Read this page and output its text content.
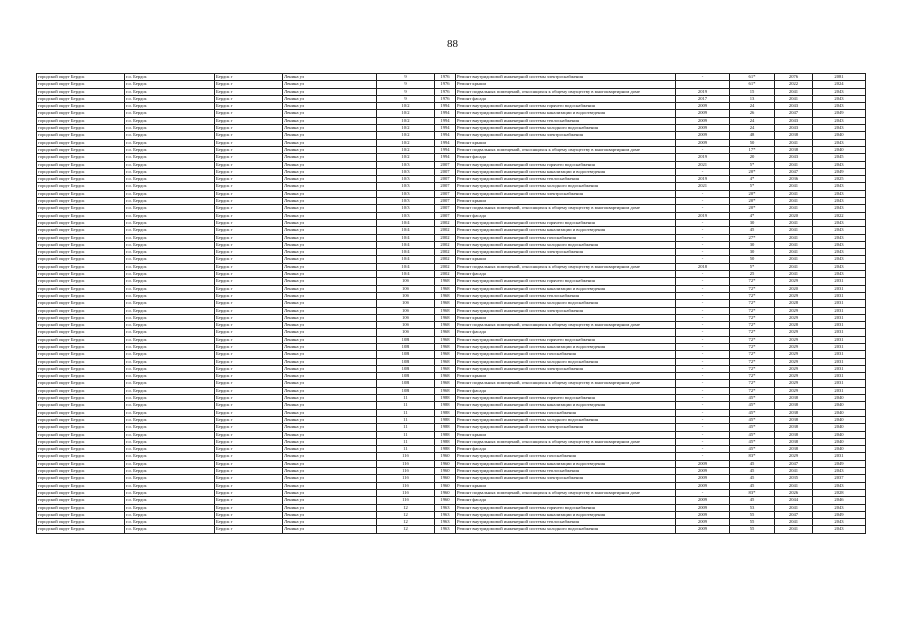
88
городской округ Бердск	г.о. Бердск	Бердск г	Ленина ул	9	1976	Ремонт внутридомовой инженерной системы электроснабжения	-	61*	2076	2081
городской округ Бердск	г.о. Бердск	Бердск г	Ленина ул	9	1976	Ремонт крыши		61*	2022	2024
городской округ Бердск	г.о. Бердск	Бердск г	Ленина ул	9	1976	Ремонт подвальных помещений, относящихся к общему имуществу в многоквартирном доме	2019	15	2041	2043
городской округ Бердск	г.о. Бердск	Бердск г	Ленина ул	9	1976	Ремонт фасада	2017	13	2041	2043
городской округ Бердск	г.о. Бердск	Бердск г	Ленина ул	10/2	1994	Ремонт внутридомовой инженерной системы горячего водоснабжения	2009	24	2043	2043
городской округ Бердск	г.о. Бердск	Бердск г	Ленина ул	10/2	1994	Ремонт внутридомовой инженерной системы канализации и водоотведения	2009	26	2047	2049
городской округ Бердск	г.о. Бердск	Бердск г	Ленина ул	10/2	1994	Ремонт внутридомовой инженерной системы теплоснабжения	2009	24	2043	2043
городской округ Бердск	г.о. Бердск	Бердск г	Ленина ул	10/2	1994	Ремонт внутридомовой инженерной системы холодного водоснабжения	2009	24	2043	2043
городской округ Бердск	г.о. Бердск	Бердск г	Ленина ул	10/2	1994	Ремонт внутридомовой инженерной системы электроснабжения	2009	48	2038	2040
городской округ Бердск	г.о. Бердск	Бердск г	Ленина ул	10/2	1994	Ремонт крыши	2009	50	2041	2043
городской округ Бердск	г.о. Бердск	Бердск г	Ленина ул	10/2	1994	Ремонт подвальных помещений, относящихся к общему имуществу в многоквартирном доме	-	17*	2038	2040
городской округ Бердск	г.о. Бердск	Бердск г	Ленина ул	10/2	1994	Ремонт фасада	2019	20	2043	2045
городской округ Бердск	г.о. Бердск	Бердск г	Ленина ул	10/3	2007	Ремонт внутридомовой инженерной системы горячего водоснабжения	2021	5*	2041	2043
городской округ Бердск	г.о. Бердск	Бердск г	Ленина ул	10/3	2007	Ремонт внутридомовой инженерной системы канализации и водоотведения	-	20*	2047	2049
городской округ Бердск	г.о. Бердск	Бердск г	Ленина ул	10/3	2007	Ремонт внутридомовой инженерной системы теплоснабжения	2019	4*	2036	2025
городской округ Бердск	г.о. Бердск	Бердск г	Ленина ул	10/3	2007	Ремонт внутридомовой инженерной системы холодного водоснабжения	2021	5*	2041	2043
городской округ Бердск	г.о. Бердск	Бердск г	Ленина ул	10/3	2007	Ремонт внутридомовой инженерной системы электроснабжения	-	20*	2041	2043
городской округ Бердск	г.о. Бердск	Бердск г	Ленина ул	10/3	2007	Ремонт крыши	-	20*	2041	2043
городской округ Бердск	г.о. Бердск	Бердск г	Ленина ул	10/3	2007	Ремонт подвальных помещений, относящихся к общему имуществу в многоквартирном доме	-	20*	2041	2043
городской округ Бердск	г.о. Бердск	Бердск г	Ленина ул	10/3	2007	Ремонт фасада	2019	4*	2020	2022
городской округ Бердск	г.о. Бердск	Бердск г	Ленина ул	10/4	2002	Ремонт внутридомовой инженерной системы горячего водоснабжения	-	30	2041	2043
городской округ Бердск	г.о. Бердск	Бердск г	Ленина ул	10/4	2002	Ремонт внутридомовой инженерной системы канализации и водоотведения	-	45	2041	2043
городской округ Бердск	г.о. Бердск	Бердск г	Ленина ул	10/4	2002	Ремонт внутридомовой инженерной системы газоснабжения	-	27*	2041	2043
городской округ Бердск	г.о. Бердск	Бердск г	Ленина ул	10/4	2002	Ремонт внутридомовой инженерной системы холодного водоснабжения	-	30	2041	2043
городской округ Бердск	г.о. Бердск	Бердск г	Ленина ул	10/4	2002	Ремонт внутридомовой инженерной системы электроснабжения	-	30	2041	2043
городской округ Бердск	г.о. Бердск	Бердск г	Ленина ул	10/4	2002	Ремонт крыши	-	50	2041	2043
городской округ Бердск	г.о. Бердск	Бердск г	Ленина ул	10/4	2002	Ремонт подвальных помещений, относящихся к общему имуществу в многоквартирном доме	2018	5*	2041	2043
городской округ Бердск	г.о. Бердск	Бердск г	Ленина ул	10/4	2002	Ремонт фасада	-	25	2041	2043
городской округ Бердск	г.о. Бердск	Бердск г	Ленина ул	10б	1968	Ремонт внутридомовой инженерной системы горячего водоснабжения	-	72*	2029	2031
городской округ Бердск	г.о. Бердск	Бердск г	Ленина ул	10б	1968	Ремонт внутридомовой инженерной системы канализации и водоотведения	-	72*	2020	2031
городской округ Бердск	г.о. Бердск	Бердск г	Ленина ул	10б	1968	Ремонт внутридомовой инженерной системы теплоснабжения	-	72*	2029	2031
городской округ Бердск	г.о. Бердск	Бердск г	Ленина ул	10б	1968	Ремонт внутридомовой инженерной системы холодного водоснабжения	-	72*	2028	2031
городской округ Бердск	г.о. Бердск	Бердск г	Ленина ул	10б	1968	Ремонт внутридомовой инженерной системы электроснабжения	-	72*	2029	2031
городской округ Бердск	г.о. Бердск	Бердск г	Ленина ул	10б	1968	Ремонт крыши	-	72*	2029	2031
городской округ Бердск	г.о. Бердск	Бердск г	Ленина ул	10б	1968	Ремонт подвальных помещений, относящихся к общему имуществу в многоквартирном доме	-	72*	2028	2031
городской округ Бердск	г.о. Бердск	Бердск г	Ленина ул	10б	1968	Ремонт фасада	-	72*	2029	2031
городской округ Бердск	г.о. Бердск	Бердск г	Ленина ул	10В	1968	Ремонт внутридомовой инженерной системы горячего водоснабжения	-	72*	2029	2031
городской округ Бердск	г.о. Бердск	Бердск г	Ленина ул	10В	1968	Ремонт внутридомовой инженерной системы канализации и водоотведения	-	72*	2029	2031
городской округ Бердск	г.о. Бердск	Бердск г	Ленина ул	10В	1968	Ремонт внутридомовой инженерной системы газоснабжения	-	72*	2029	2031
городской округ Бердск	г.о. Бердск	Бердск г	Ленина ул	10В	1968	Ремонт внутридомовой инженерной системы холодного водоснабжения	-	72*	2029	2031
городской округ Бердск	г.о. Бердск	Бердск г	Ленина ул	10В	1968	Ремонт внутридомовой инженерной системы электроснабжения	-	72*	2029	2031
городской округ Бердск	г.о. Бердск	Бердск г	Ленина ул	10В	1968	Ремонт крыши	-	72*	2029	2031
городской округ Бердск	г.о. Бердск	Бердск г	Ленина ул	10В	1968	Ремонт подвальных помещений, относящихся к общему имуществу в многоквартирном доме	-	72*	2029	2031
городской округ Бердск	г.о. Бердск	Бердск г	Ленина ул	10В	1968	Ремонт фасада	-	72*	2029	2031
городской округ Бердск	г.о. Бердск	Бердск г	Ленина ул	11	1988	Ремонт внутридомовой инженерной системы горячего водоснабжения	-	45*	2038	2040
городской округ Бердск	г.о. Бердск	Бердск г	Ленина ул	11	1988	Ремонт внутридомовой инженерной системы канализации и водоотведения	-	45*	2038	2040
городской округ Бердск	г.о. Бердск	Бердск г	Ленина ул	11	1988	Ремонт внутридомовой инженерной системы газоснабжения	-	45*	2038	2040
городской округ Бердск	г.о. Бердск	Бердск г	Ленина ул	11	1988	Ремонт внутридомовой инженерной системы холодного водоснабжения	-	45*	2038	2040
городской округ Бердск	г.о. Бердск	Бердск г	Ленина ул	11	1988	Ремонт внутридомовой инженерной системы электроснабжения	-	45*	2038	2040
городской округ Бердск	г.о. Бердск	Бердск г	Ленина ул	11	1988	Ремонт крыши	-	45*	2038	2040
городской округ Бердск	г.о. Бердск	Бердск г	Ленина ул	11	1988	Ремонт подвальных помещений, относящихся к общему имуществу в многоквартирном доме	-	45*	2038	2040
городской округ Бердск	г.о. Бердск	Бердск г	Ленина ул	11	1988	Ремонт фасада	-	45*	2038	2040
городской округ Бердск	г.о. Бердск	Бердск г	Ленина ул	11б	1960	Ремонт внутридомовой инженерной системы газоснабжения	-	83*	2029	2031
городской округ Бердск	г.о. Бердск	Бердск г	Ленина ул	11б	1960	Ремонт внутридомовой инженерной системы канализации и водоотведения	2009	45	2047	2049
городской округ Бердск	г.о. Бердск	Бердск г	Ленина ул	11б	1960	Ремонт внутридомовой инженерной системы теплоснабжения	2009	45	2041	2043
городской округ Бердск	г.о. Бердск	Бердск г	Ленина ул	11б	1960	Ремонт внутридомовой инженерной системы электроснабжения	2009	45	2035	2037
городской округ Бердск	г.о. Бердск	Бердск г	Ленина ул	11б	1960	Ремонт крыши	2009	45	2041	2043
городской округ Бердск	г.о. Бердск	Бердск г	Ленина ул	11б	1960	Ремонт подвальных помещений, относящихся к общему имуществу в многоквартирном доме	-	83*	2026	2028
городской округ Бердск	г.о. Бердск	Бердск г	Ленина ул	11б	1960	Ремонт фасада	2009	45	2044	2046
городской округ Бердск	г.о. Бердск	Бердск г	Ленина ул	12	1963	Ремонт внутридомовой инженерной системы горячего водоснабжения	2009	53	2041	2043
городской округ Бердск	г.о. Бердск	Бердск г	Ленина ул	12	1963	Ремонт внутридомовой инженерной системы канализации и водоотведения	2009	55	2047	2049
городской округ Бердск	г.о. Бердск	Бердск г	Ленина ул	12	1963	Ремонт внутридомовой инженерной системы теплоснабжения	2009	55	2041	2043
городской округ Бердск	г.о. Бердск	Бердск г	Ленина ул	12	1963	Ремонт внутридомовой инженерной системы холодного водоснабжения	2009	55	2041	2043
